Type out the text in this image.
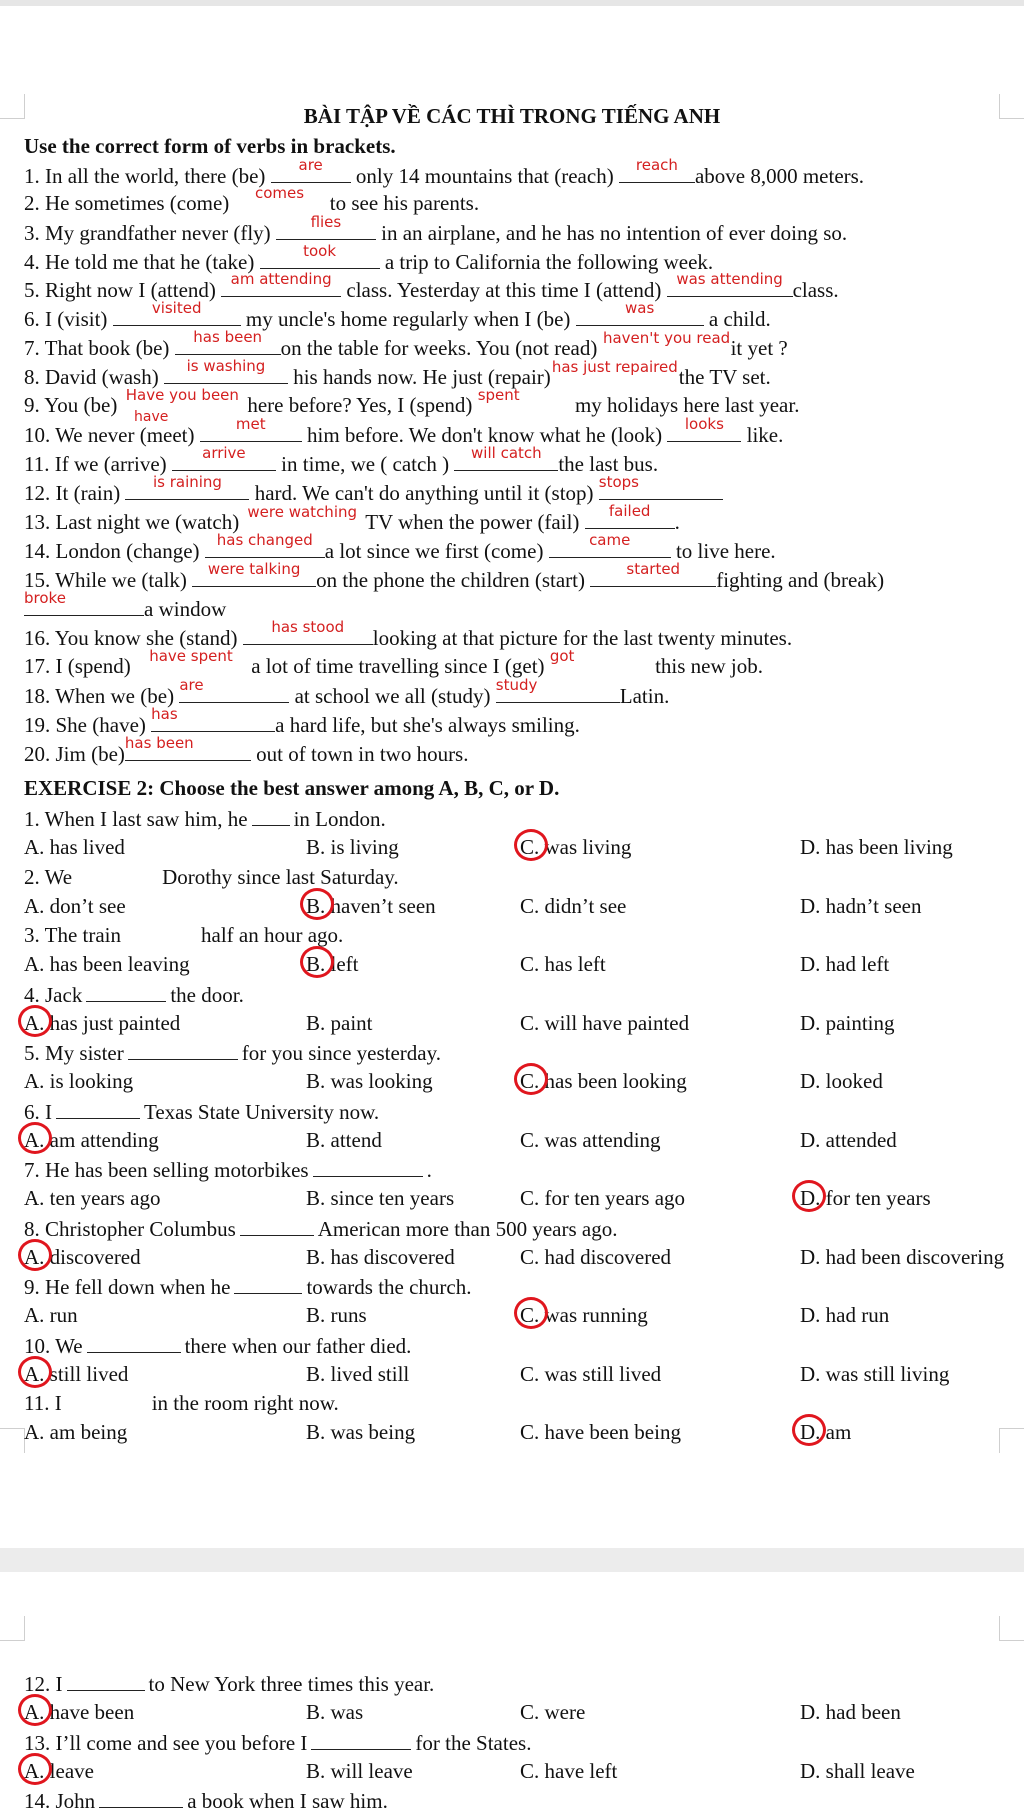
BÀI TẬP VỀ CÁC THÌ TRONG TIẾNG ANH
Use the correct form of verbs in brackets.
1. In all the world, there (be)	are	only 14 mountains that (reach)	reach above 8,000 meters.
2. He sometimes (come)	comes	to see his parents.
3. My grandfather never (fly)	flies	in an airplane, and he has no intention of ever doing so.
4. He told me that he (take)	took	a trip to California the following week.
5. Right now I (attend) am attending class. Yesterday at this time I (attend)	was attending class.
6. I (visit)	visited	my uncle's home regularly when I (be)	was	a child.
7. That book (be)	has been on the table for weeks. You (not read) haven't you read it yet ?
8. David (wash)	is washing	his hands now. He just (repair) has just repaired the TV set.
9. You (be) Have you been here before? Yes, I (spend) spent	my holidays here last year.
have
10. We never (meet)	met	him before. We don't know what he (look)	looks	like.
11. If we (arrive)	arrive	in time, we ( catch )	will catch the last bus.
12. It (rain)	is raining	hard. We can't do anything until it (stop) stops
13. Last night we (watch) were watching TV when the power (fail)	failed	.
14. London (change)	has changed a lot since we first (come)	came	to live here.
15. While we (talk)	were talking on the phone the children (start)	started	fighting and (break)
broke	a window
16. You know she (stand)	has stood	looking at that picture for the last twenty minutes.
17. I (spend)	have spent a lot of time travelling since I (get) got	this new job.
18. When we (be) are	at school we all (study) study	Latin.
19. She (have) has	a hard life, but she's always smiling.
20. Jim (be) has been	out of town in two hours.
EXERCISE 2: Choose the best answer among A, B, C, or D.
1. When I last saw him, he in London.
A. has lived	B. is living	C. was living	D. has been living
2. We	Dorothy since last Saturday.
A. don’t see	B. haven’t seen	C. didn’t see	D. hadn’t seen
3. The train	half an hour ago.
A. has been leaving	B. left	C. has left	D. had left
4. Jack	the door.
A. has just painted	B. paint	C. will have painted	D. painting
5. My sister	for you since yesterday.
A. is looking	B. was looking	C. has been looking	D. looked
6. I	Texas State University now.
A. am attending	B. attend	C. was attending	D. attended
7. He has been selling motorbikes	.
A. ten years ago	B. since ten years	C. for ten years ago	D. for ten years
8. Christopher Columbus	American more than 500 years ago.
A. discovered	B. has discovered	C. had discovered	D. had been discovering
9. He fell down when he	towards the church.
A. run	B. runs	C. was running	D. had run
10. We	there when our father died.
A. still lived	B. lived still	C. was still lived	D. was still living
11. I	in the room right now.
A. am being	B. was being	C. have been being	D. am
12. I	to New York three times this year.
A. have been	B. was	C. were	D. had been
13. I’ll come and see you before I	for the States.
A. leave	B. will leave	C. have left	D. shall leave
14. John	a book when I saw him.
